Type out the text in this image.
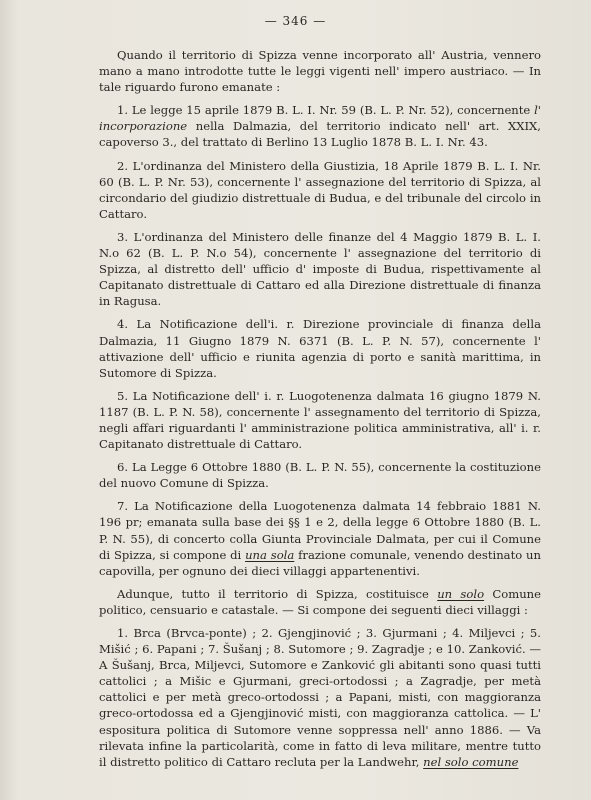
— 346 —

Quando il territorio di Spizza venne incorporato all' Austria, vennero mano a mano introdotte tutte le leggi vigenti nell' impero austriaco. — In tale riguardo furono emanate :

1. Le legge 15 aprile 1879 B. L. I. Nr. 59 (B. L. P. Nr. 52), concernente l' incorporazione nella Dalmazia, del territorio indicato nell' art. XXIX, capoverso 3., del trattato di Berlino 13 Luglio 1878 B. L. I. Nr. 43.

2. L'ordinanza del Ministero della Giustizia, 18 Aprile 1879 B. L. I. Nr. 60 (B. L. P. Nr. 53), concernente l' assegnazione del territorio di Spizza, al circondario del giudizio distrettuale di Budua, e del tribunale del circolo in Cattaro.

3. L'ordinanza del Ministero delle finanze del 4 Maggio 1879 B. L. I. N.o 62 (B. L. P. N.o 54), concernente l' assegnazione del territorio di Spizza, al distretto dell' ufficio d' imposte di Budua, rispettivamente al Capitanato distrettuale di Cattaro ed alla Direzione distrettuale di finanza in Ragusa.

4. La Notificazione dell'i. r. Direzione provinciale di finanza della Dalmazia, 11 Giugno 1879 N. 6371 (B. L. P. N. 57), concernente l' attivazione dell' ufficio e riunita agenzia di porto e sanità marittima, in Sutomore di Spizza.

5. La Notificazione dell' i. r. Luogotenenza dalmata 16 giugno 1879 N. 1187 (B. L. P. N. 58), concernente l' assegnamento del territorio di Spizza, negli affari riguardanti l' amministrazione politica amministrativa, all' i. r. Capitanato distrettuale di Cattaro.

6. La Legge 6 Ottobre 1880 (B. L. P. N. 55), concernente la costituzione del nuovo Comune di Spizza.

7. La Notificazione della Luogotenenza dalmata 14 febbraio 1881 N. 196 pr; emanata sulla base dei §§ 1 e 2, della legge 6 Ottobre 1880 (B. L. P. N. 55), di concerto colla Giunta Provinciale Dalmata, per cui il Comune di Spizza, si compone di una sola frazione comunale, venendo destinato un capovilla, per ognuno dei dieci villaggi appartenentivi.

Adunque, tutto il territorio di Spizza, costituisce un solo Comune politico, censuario e catastale. — Si compone dei seguenti dieci villaggi :

1. Brca (Brvca-ponte) ; 2. Gjengjinović ; 3. Gjurmani ; 4. Miljevci ; 5. Mišić ; 6. Papani ; 7. Šušanj ; 8. Sutomore ; 9. Zagradje ; e 10. Zanković. — A Šušanj, Brca, Miljevci, Sutomore e Zanković gli abitanti sono quasi tutti cattolici ; a Mišic e Gjurmani, greci-ortodossi ; a Zagradje, per metà cattolici e per metà greco-ortodossi ; a Papani, misti, con maggioranza greco-ortodossa ed a Gjengjinović misti, con maggioranza cattolica. — L' espositura politica di Sutomore venne soppressa nell' anno 1886. — Va rilevata infine la particolarità, come in fatto di leva militare, mentre tutto il distretto politico di Cattaro recluta per la Landwehr, nel solo comune
